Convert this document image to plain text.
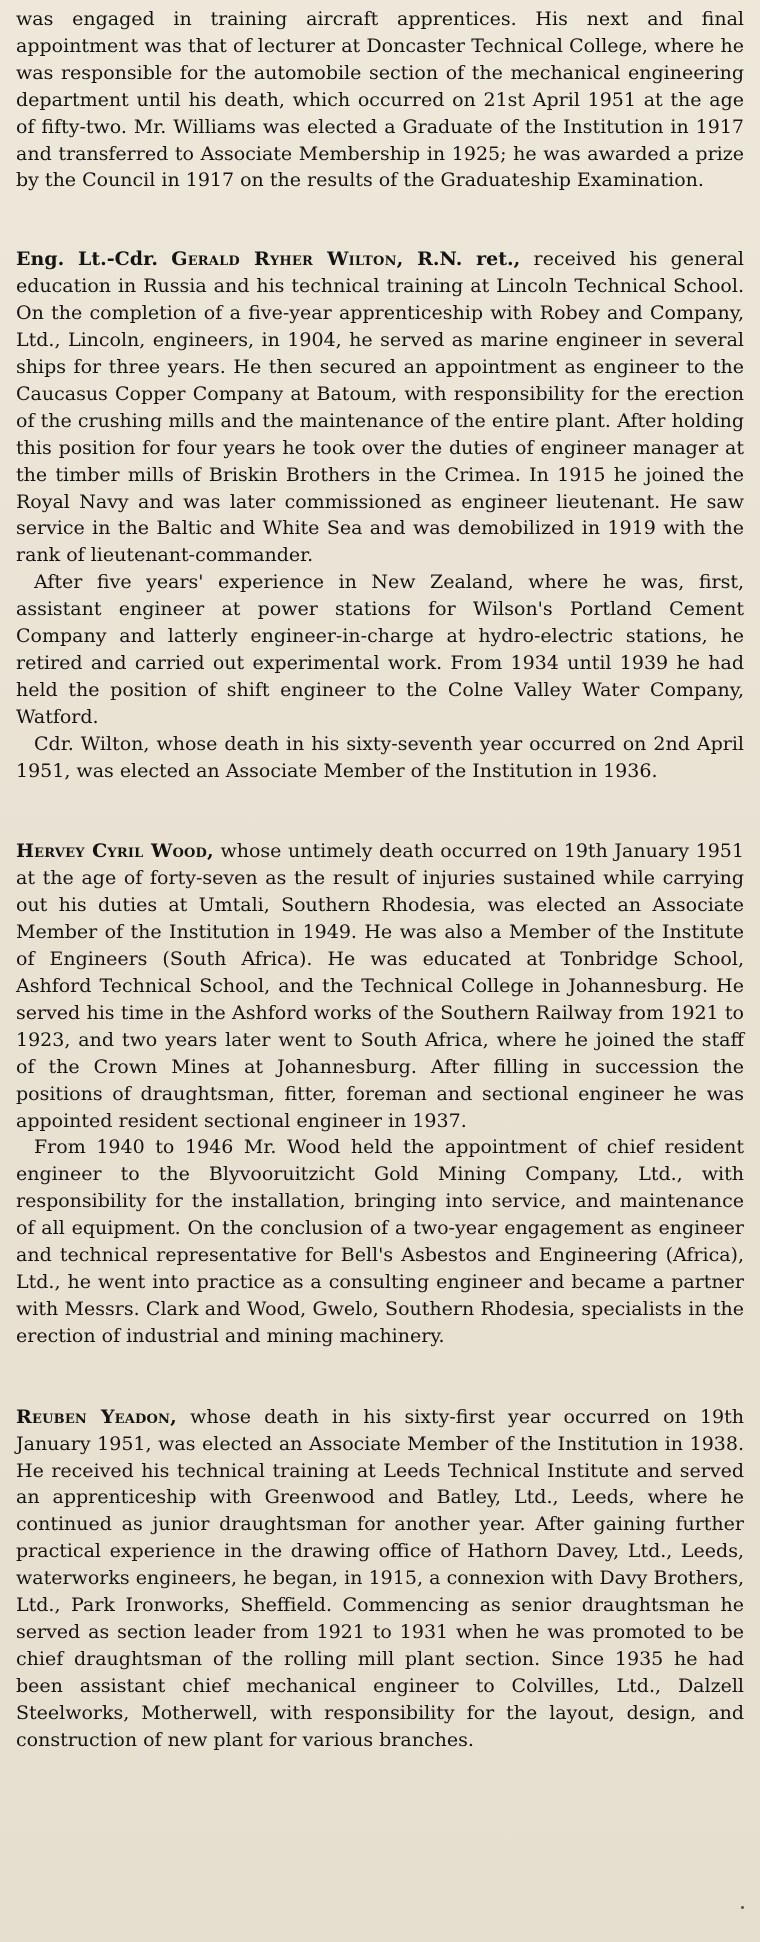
was engaged in training aircraft apprentices. His next and final appointment was that of lecturer at Doncaster Technical College, where he was responsible for the automobile section of the mechanical engineering department until his death, which occurred on 21st April 1951 at the age of fifty-two. Mr. Williams was elected a Graduate of the Institution in 1917 and transferred to Associate Membership in 1925; he was awarded a prize by the Council in 1917 on the results of the Graduateship Examination.

Eng. Lt.-Cdr. Gerald Ryher Wilton, R.N. ret., received his general education in Russia and his technical training at Lincoln Technical School. On the completion of a five-year apprenticeship with Robey and Company, Ltd., Lincoln, engineers, in 1904, he served as marine engineer in several ships for three years. He then secured an appointment as engineer to the Caucasus Copper Company at Batoum, with responsibility for the erection of the crushing mills and the maintenance of the entire plant. After holding this position for four years he took over the duties of engineer manager at the timber mills of Briskin Brothers in the Crimea. In 1915 he joined the Royal Navy and was later commissioned as engineer lieutenant. He saw service in the Baltic and White Sea and was demobilized in 1919 with the rank of lieutenant-commander.

After five years' experience in New Zealand, where he was, first, assistant engineer at power stations for Wilson's Portland Cement Company and latterly engineer-in-charge at hydro-electric stations, he retired and carried out experimental work. From 1934 until 1939 he had held the position of shift engineer to the Colne Valley Water Company, Watford.

Cdr. Wilton, whose death in his sixty-seventh year occurred on 2nd April 1951, was elected an Associate Member of the Institution in 1936.

Hervey Cyril Wood, whose untimely death occurred on 19th January 1951 at the age of forty-seven as the result of injuries sustained while carrying out his duties at Umtali, Southern Rhodesia, was elected an Associate Member of the Institution in 1949. He was also a Member of the Institute of Engineers (South Africa). He was educated at Tonbridge School, Ashford Technical School, and the Technical College in Johannesburg. He served his time in the Ashford works of the Southern Railway from 1921 to 1923, and two years later went to South Africa, where he joined the staff of the Crown Mines at Johannesburg. After filling in succession the positions of draughtsman, fitter, foreman and sectional engineer he was appointed resident sectional engineer in 1937.

From 1940 to 1946 Mr. Wood held the appointment of chief resident engineer to the Blyvooruitzicht Gold Mining Company, Ltd., with responsibility for the installation, bringing into service, and maintenance of all equipment. On the conclusion of a two-year engagement as engineer and technical representative for Bell's Asbestos and Engineering (Africa), Ltd., he went into practice as a consulting engineer and became a partner with Messrs. Clark and Wood, Gwelo, Southern Rhodesia, specialists in the erection of industrial and mining machinery.

Reuben Yeadon, whose death in his sixty-first year occurred on 19th January 1951, was elected an Associate Member of the Institution in 1938. He received his technical training at Leeds Technical Institute and served an apprenticeship with Greenwood and Batley, Ltd., Leeds, where he continued as junior draughtsman for another year. After gaining further practical experience in the drawing office of Hathorn Davey, Ltd., Leeds, waterworks engineers, he began, in 1915, a connexion with Davy Brothers, Ltd., Park Ironworks, Sheffield. Commencing as senior draughtsman he served as section leader from 1921 to 1931 when he was promoted to be chief draughtsman of the rolling mill plant section. Since 1935 he had been assistant chief mechanical engineer to Colvilles, Ltd., Dalzell Steelworks, Motherwell, with responsibility for the layout, design, and construction of new plant for various branches.
